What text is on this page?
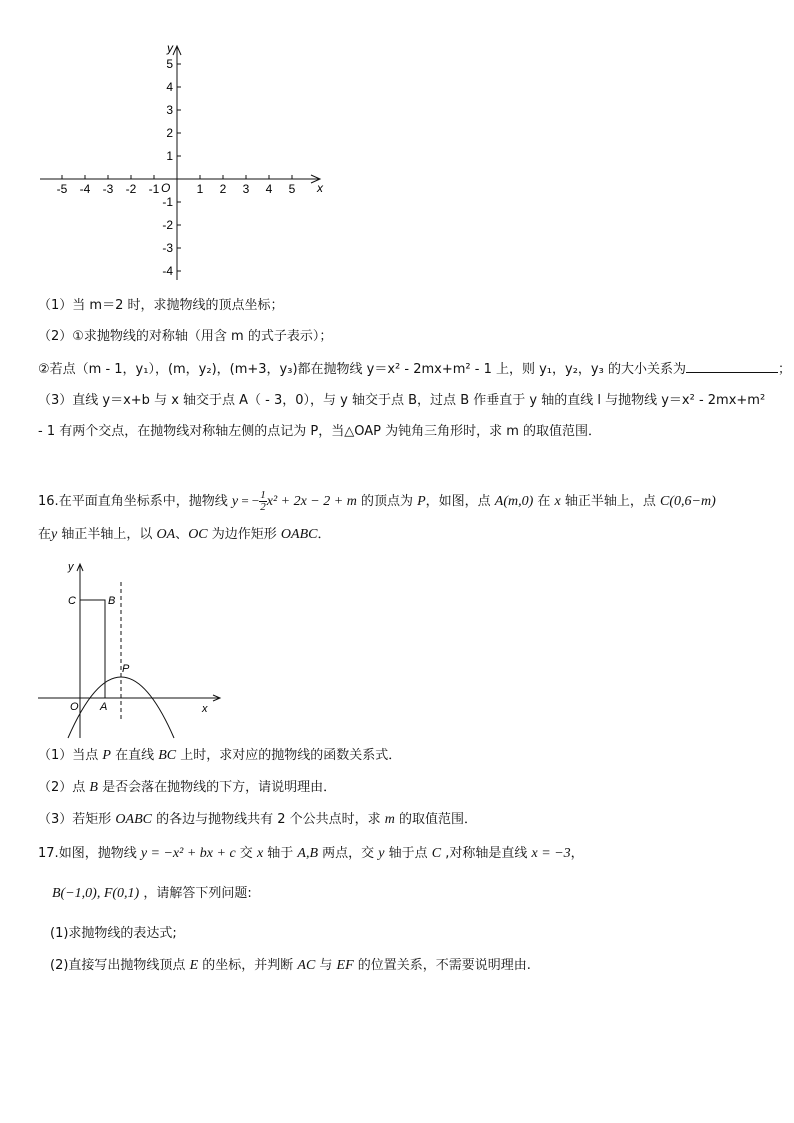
x
y
O
-5 -4 -3 -2 -1	1 2 3 4 5
5
4
3
2
1
-1
-2
-3
-4
（1）当 m＝2 时，求抛物线的顶点坐标；
（2）①求抛物线的对称轴（用含 m 的式子表示）；
②若点（m - 1，y₁），(m，y₂)，(m+3，y₃)都在抛物线 y＝x² - 2mx+m² - 1 上，则 y₁，y₂，y₃ 的大小关系为	；
（3）直线 y＝x+b 与 x 轴交于点 A（ - 3，0），与 y 轴交于点 B，过点 B 作垂直于 y 轴的直线 l 与抛物线 y＝x² - 2mx+m²
- 1 有两个交点，在抛物线对称轴左侧的点记为 P，当△OAP 为钝角三角形时，求 m 的取值范围．
16.在平面直角坐标系中，抛物线 y = − $\frac{1}{2} x^2 + 2x - 2 + m$ 的顶点为 P，如图，点 A(m,0) 在 x 轴正半轴上，点 C(0,6−m)
在y 轴正半轴上，以 OA、OC 为边作矩形 OABC．
y
x
O A
B
C
P
（1）当点 P 在直线 BC 上时，求对应的抛物线的函数关系式．
（2）点 B 是否会落在抛物线的下方，请说明理由．
（3）若矩形 OABC 的各边与抛物线共有 2 个公共点时，求 m 的取值范围．
17.如图，抛物线 y = −x² + bx + c 交 x 轴于 A,B 两点，交 y 轴于点 C ,对称轴是直线 x = −3，
B(−1,0), F(0,1) ，请解答下列问题:
(1)求抛物线的表达式;
(2)直接写出抛物线顶点 E 的坐标，并判断 AC 与 EF 的位置关系，不需要说明理由.
